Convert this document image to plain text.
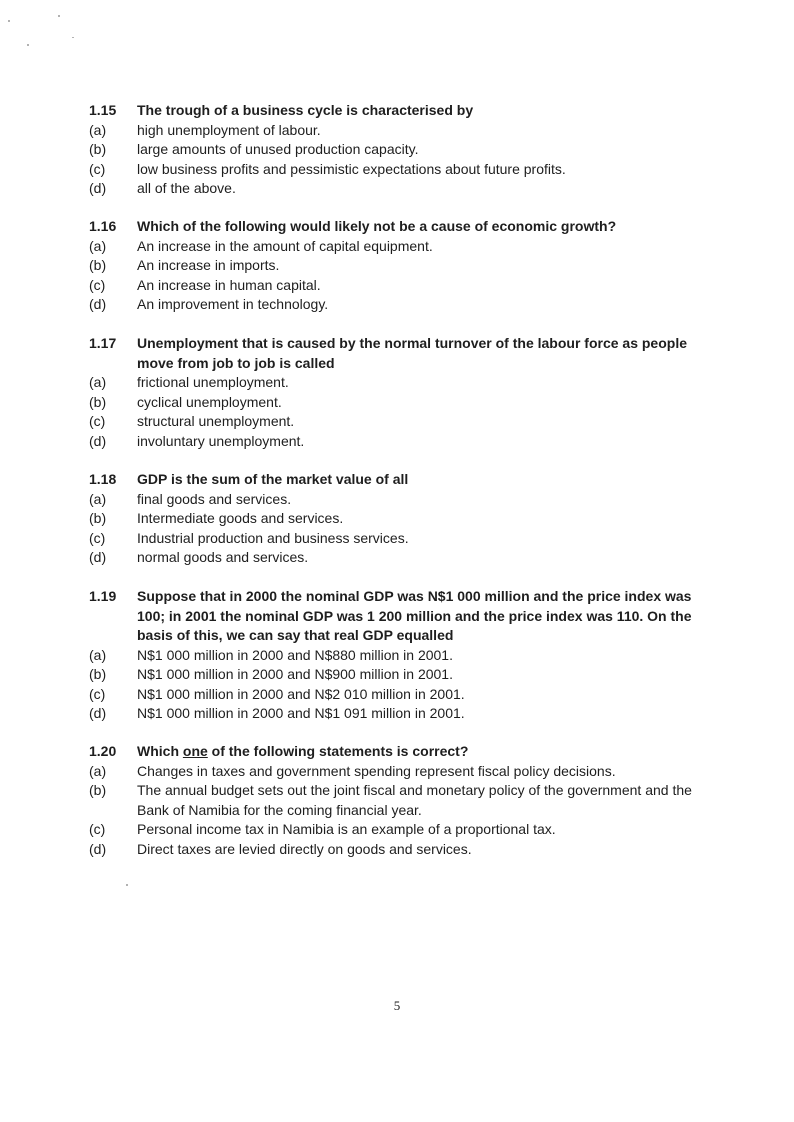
1.15	The trough of a business cycle is characterised by
(a)	high unemployment of labour.
(b)	large amounts of unused production capacity.
(c)	low business profits and pessimistic expectations about future profits.
(d)	all of the above.
1.16	Which of the following would likely not be a cause of economic growth?
(a)	An increase in the amount of capital equipment.
(b)	An increase in imports.
(c)	An increase in human capital.
(d)	An improvement in technology.
1.17	Unemployment that is caused by the normal turnover of the labour force as people move from job to job is called
(a)	frictional unemployment.
(b)	cyclical unemployment.
(c)	structural unemployment.
(d)	involuntary unemployment.
1.18	GDP is the sum of the market value of all
(a)	final goods and services.
(b)	Intermediate goods and services.
(c)	Industrial production and business services.
(d)	normal goods and services.
1.19	Suppose that in 2000 the nominal GDP was N$1 000 million and the price index was 100; in 2001 the nominal GDP was 1 200 million and the price index was 110. On the basis of this, we can say that real GDP equalled
(a)	N$1 000 million in 2000 and N$880 million in 2001.
(b)	N$1 000 million in 2000 and N$900 million in 2001.
(c)	N$1 000 million in 2000 and N$2 010 million in 2001.
(d)	N$1 000 million in 2000 and N$1 091 million in 2001.
1.20	Which one of the following statements is correct?
(a)	Changes in taxes and government spending represent fiscal policy decisions.
(b)	The annual budget sets out the joint fiscal and monetary policy of the government and the Bank of Namibia for the coming financial year.
(c)	Personal income tax in Namibia is an example of a proportional tax.
(d)	Direct taxes are levied directly on goods and services.
5
